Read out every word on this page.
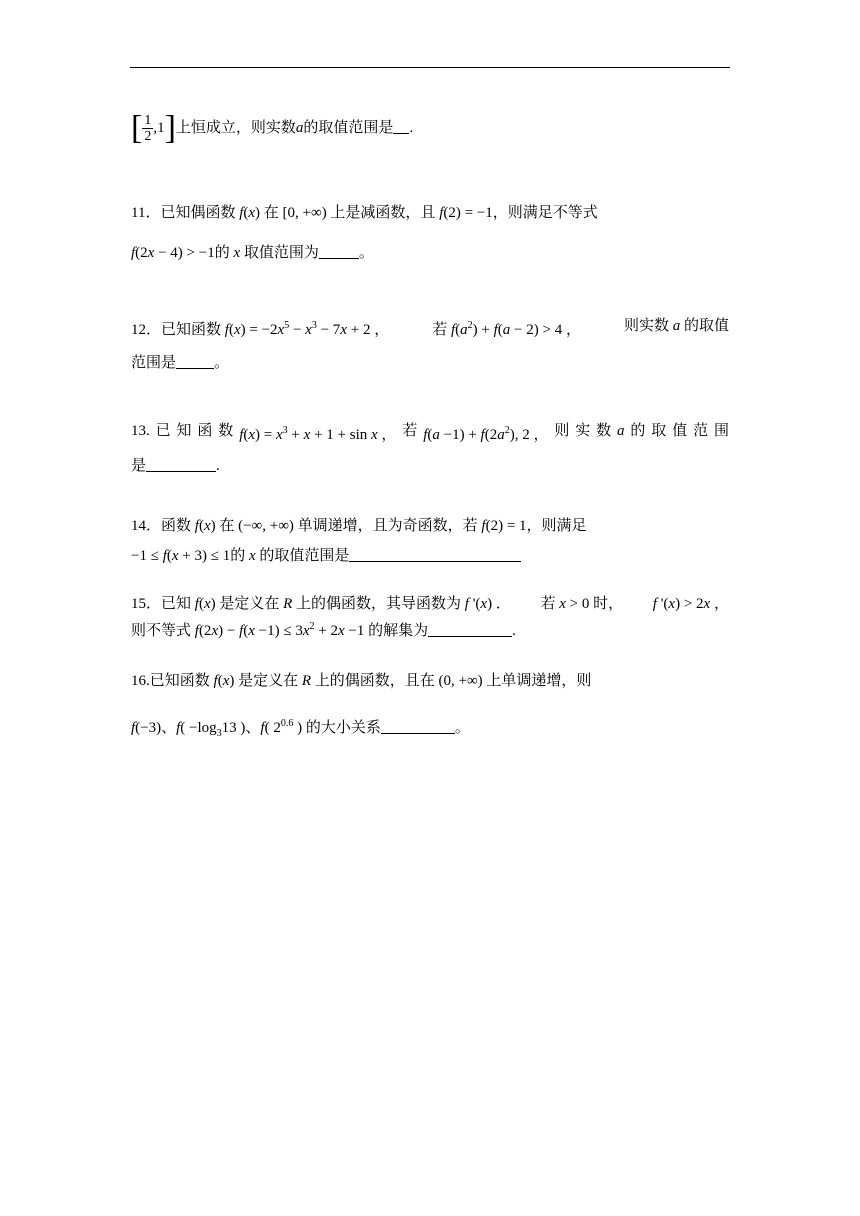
[ $\frac{1}{2} ,1$]上恒成立，则实数a的取值范围是 .
11．已知偶函数 f(x) 在 [0, +∞) 上是减函数，且 f(2) = −1，则满足不等式
f(2x − 4) > −1的 x 取值范围为	。
12．已知函数 $f(x) = -2x^5 - x^3 - 7x + 2$ ，	若 $f(a^2) + f(a - 2) > 4$ ，	则实数 a 的取值
范围是	。
13. 已 知 函 数 $f(x) = x^3 + x + 1 + \sin x$ ， 若 $f(a -1) + f(2a^2)$, 2 ， 则 实 数 a 的 取 值 范 围
是	.
14．函数 f(x) 在 (−∞, +∞) 单调递增，且为奇函数，若 f(2) = 1，则满足
−1 ≤ f(x + 3) ≤ 1的 x 的取值范围是
15．已知 f(x) 是定义在 R 上的偶函数，其导函数为 f '(x) ． 若 x > 0 时， f '(x) > 2x ，
则不等式 $f(2x) - f(x -1) \le 3x^2 + 2x -1$ 的解集为	.
16.已知函数 f(x) 是定义在 R 上的偶函数，且在 (0, +∞) 上单调递增，则
f(−3)、$f( -\log_313$ )、f( $2^{0.6}$ ) 的大小关系	。
